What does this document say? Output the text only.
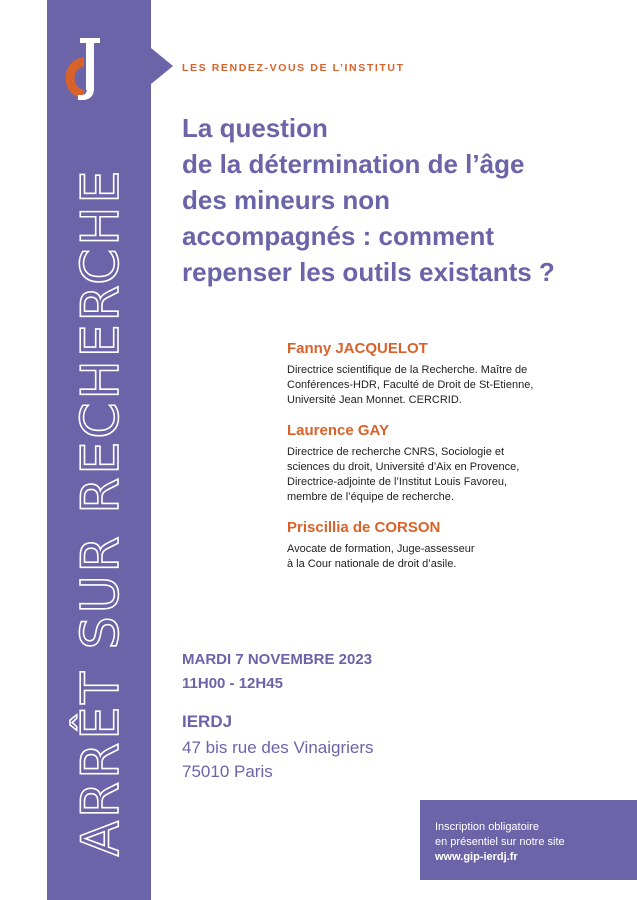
ARRÊT SUR RECHERCHE
LES RENDEZ-VOUS DE L’INSTITUT
La question
de la détermination de l’âge
des mineurs non
accompagnés : comment
repenser les outils existants ?
Fanny JACQUELOT
Directrice scientifique de la Recherche. Maître de
Conférences-HDR, Faculté de Droit de St-Etienne,
Université Jean Monnet. CERCRID.
Laurence GAY
Directrice de recherche CNRS, Sociologie et
sciences du droit, Université d’Aix en Provence,
Directrice-adjointe de l’Institut Louis Favoreu,
membre de l’équipe de recherche.
Priscillia de CORSON
Avocate de formation, Juge-assesseur
à la Cour nationale de droit d’asile.
MARDI 7 NOVEMBRE 2023
11H00 - 12H45
IERDJ
47 bis rue des Vinaigriers
75010 Paris
Inscription obligatoire
en présentiel sur notre site
www.gip-ierdj.fr
